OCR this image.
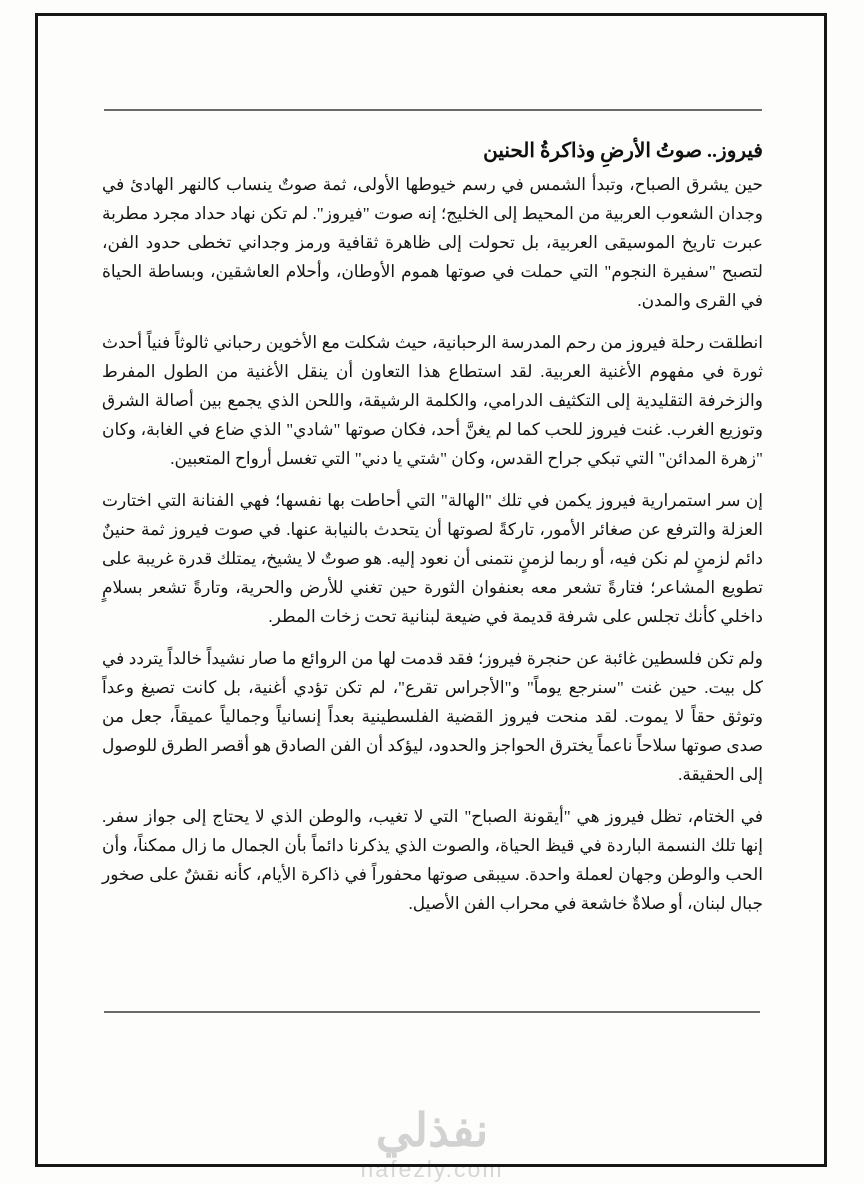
فيروز.. صوتُ الأرضِ وذاكرةُ الحنين

حين يشرق الصباح، وتبدأ الشمس في رسم خيوطها الأولى، ثمة صوتٌ ينساب كالنهر الهادئ في وجدان الشعوب العربية من المحيط إلى الخليج؛ إنه صوت "فيروز". لم تكن نهاد حداد مجرد مطربة عبرت تاريخ الموسيقى العربية، بل تحولت إلى ظاهرة ثقافية ورمز وجداني تخطى حدود الفن، لتصبح "سفيرة النجوم" التي حملت في صوتها هموم الأوطان، وأحلام العاشقين، وبساطة الحياة في القرى والمدن.

انطلقت رحلة فيروز من رحم المدرسة الرحبانية، حيث شكلت مع الأخوين رحباني ثالوثاً فنياً أحدث ثورة في مفهوم الأغنية العربية. لقد استطاع هذا التعاون أن ينقل الأغنية من الطول المفرط والزخرفة التقليدية إلى التكثيف الدرامي، والكلمة الرشيقة، واللحن الذي يجمع بين أصالة الشرق وتوزيع الغرب. غنت فيروز للحب كما لم يغنَّ أحد، فكان صوتها "شادي" الذي ضاع في الغابة، وكان "زهرة المدائن" التي تبكي جراح القدس، وكان "شتي يا دني" التي تغسل أرواح المتعبين.

إن سر استمرارية فيروز يكمن في تلك "الهالة" التي أحاطت بها نفسها؛ فهي الفنانة التي اختارت العزلة والترفع عن صغائر الأمور، تاركةً لصوتها أن يتحدث بالنيابة عنها. في صوت فيروز ثمة حنينٌ دائم لزمنٍ لم نكن فيه، أو ربما لزمنٍ نتمنى أن نعود إليه. هو صوتٌ لا يشيخ، يمتلك قدرة غريبة على تطويع المشاعر؛ فتارةً تشعر معه بعنفوان الثورة حين تغني للأرض والحرية، وتارةً تشعر بسلامٍ داخلي كأنك تجلس على شرفة قديمة في ضيعة لبنانية تحت زخات المطر.

ولم تكن فلسطين غائبة عن حنجرة فيروز؛ فقد قدمت لها من الروائع ما صار نشيداً خالداً يتردد في كل بيت. حين غنت "سنرجع يوماً" و"الأجراس تقرع"، لم تكن تؤدي أغنية، بل كانت تصيغ وعداً وتوثق حقاً لا يموت. لقد منحت فيروز القضية الفلسطينية بعداً إنسانياً وجمالياً عميقاً، جعل من صدى صوتها سلاحاً ناعماً يخترق الحواجز والحدود، ليؤكد أن الفن الصادق هو أقصر الطرق للوصول إلى الحقيقة.

في الختام، تظل فيروز هي "أيقونة الصباح" التي لا تغيب، والوطن الذي لا يحتاج إلى جواز سفر. إنها تلك النسمة الباردة في قيظ الحياة، والصوت الذي يذكرنا دائماً بأن الجمال ما زال ممكناً، وأن الحب والوطن وجهان لعملة واحدة. سيبقى صوتها محفوراً في ذاكرة الأيام، كأنه نقشٌ على صخور جبال لبنان، أو صلاةٌ خاشعة في محراب الفن الأصيل.

نفذلي
nafezly.com
